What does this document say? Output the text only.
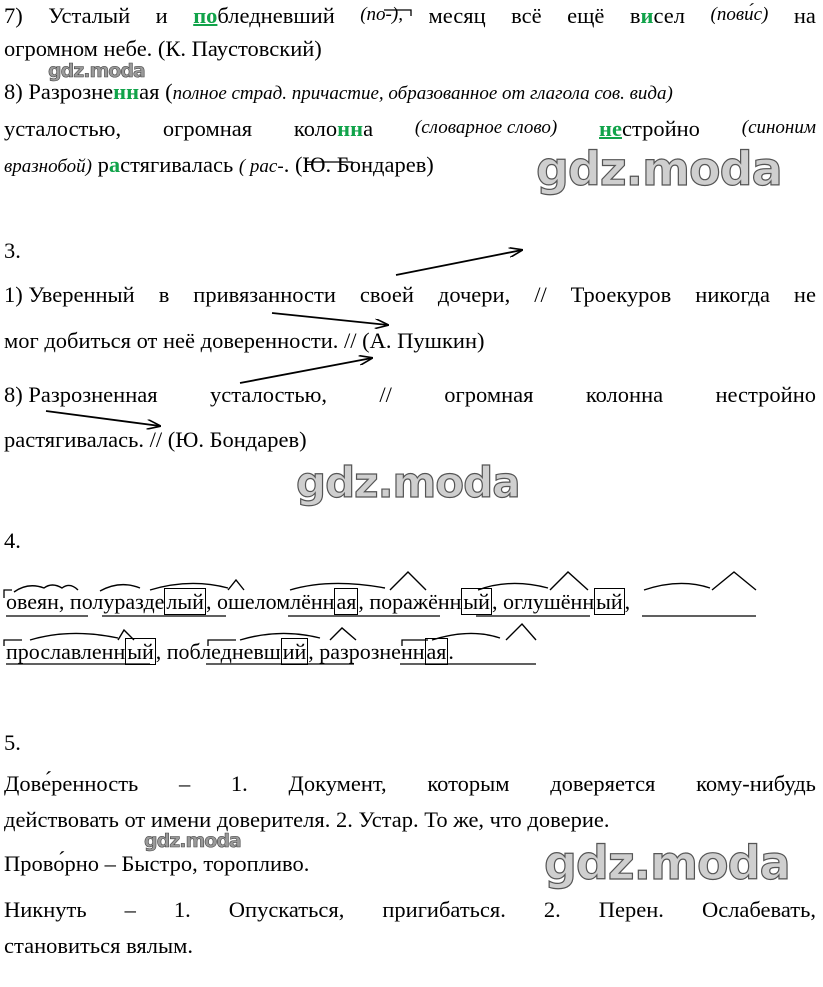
7) Усталый и побледневший (по-), месяц всё ещё висел (пови́с) на
огромном небе. (К. Паустовский)
8) Разрозненная (полное страд. причастие, образованное от глагола сов. вида)
усталостью, огромная колонна (словарное слово) нестройно (синоним
вразнобой) растягивалась ( рас-. (Ю. Бондарев)
3.
1) Уверенный в привязанности своей дочери, // Троекуров никогда не
мог добиться от неё доверенности. // (А. Пушкин)
8) Разрозненная усталостью, // огромная колонна нестройно
растягивалась. // (Ю. Бондарев)
4.
овеян, полуразделый, ошеломлённая, поражённый, оглушённый,
прославленный, побледневший, разрозненная.
5.
Дове́ренность – 1. Документ, которым доверяется кому-нибудь
действовать от имени доверителя. 2. Устар. То же, что доверие.
Прово́рно – Быстро, торопливо.
Никнуть – 1. Опускаться, пригибаться. 2. Перен. Ослабевать,
становиться вялым.
gdz.moda
gdz.moda
gdz.moda
gdz.moda	gdz.moda
